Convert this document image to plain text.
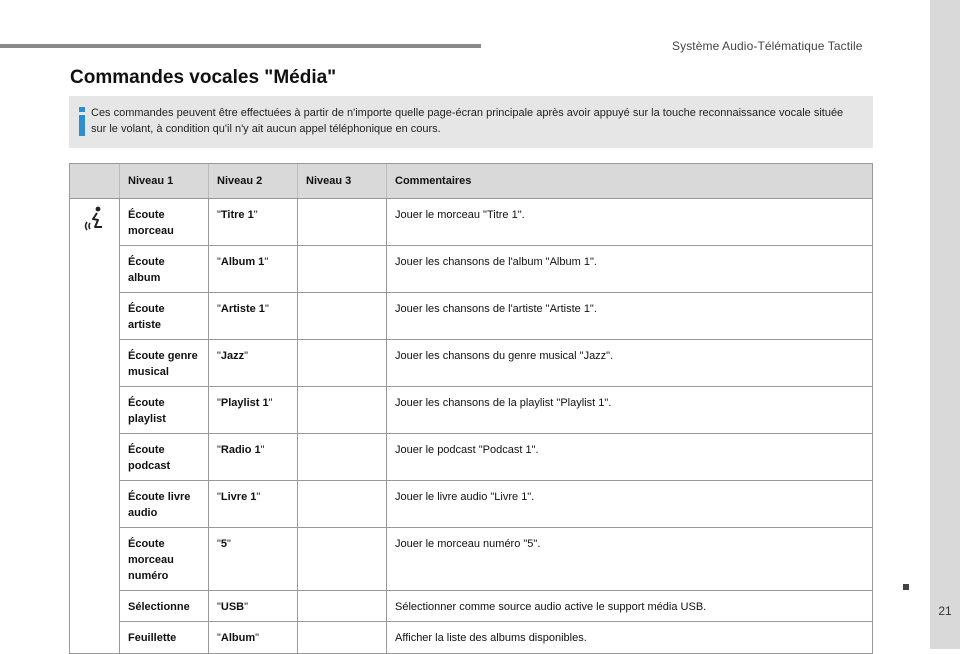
Système Audio-Télématique Tactile
21
Commandes vocales "Média"
Ces commandes peuvent être effectuées à partir de n'importe quelle page-écran principale après avoir appuyé sur la touche reconnaissance vocale située sur le volant, à condition qu'il n'y ait aucun appel téléphonique en cours.
	Niveau 1	Niveau 2	Niveau 3	Commentaires
	Écoute morceau	"Titre 1"		Jouer le morceau "Titre 1".
	Écoute album	"Album 1"		Jouer les chansons de l'album "Album 1".
	Écoute artiste	"Artiste 1"		Jouer les chansons de l'artiste "Artiste 1".
	Écoute genre musical	"Jazz"		Jouer les chansons du genre musical "Jazz".
	Écoute playlist	"Playlist 1"		Jouer les chansons de la playlist "Playlist 1".
	Écoute podcast	"Radio 1"		Jouer le podcast "Podcast 1".
	Écoute livre audio	"Livre 1"		Jouer le livre audio "Livre 1".
	Écoute morceau numéro	"5"		Jouer le morceau numéro "5".
	Sélectionne	"USB"		Sélectionner comme source audio active le support média USB.
	Feuillette	"Album"		Afficher la liste des albums disponibles.
